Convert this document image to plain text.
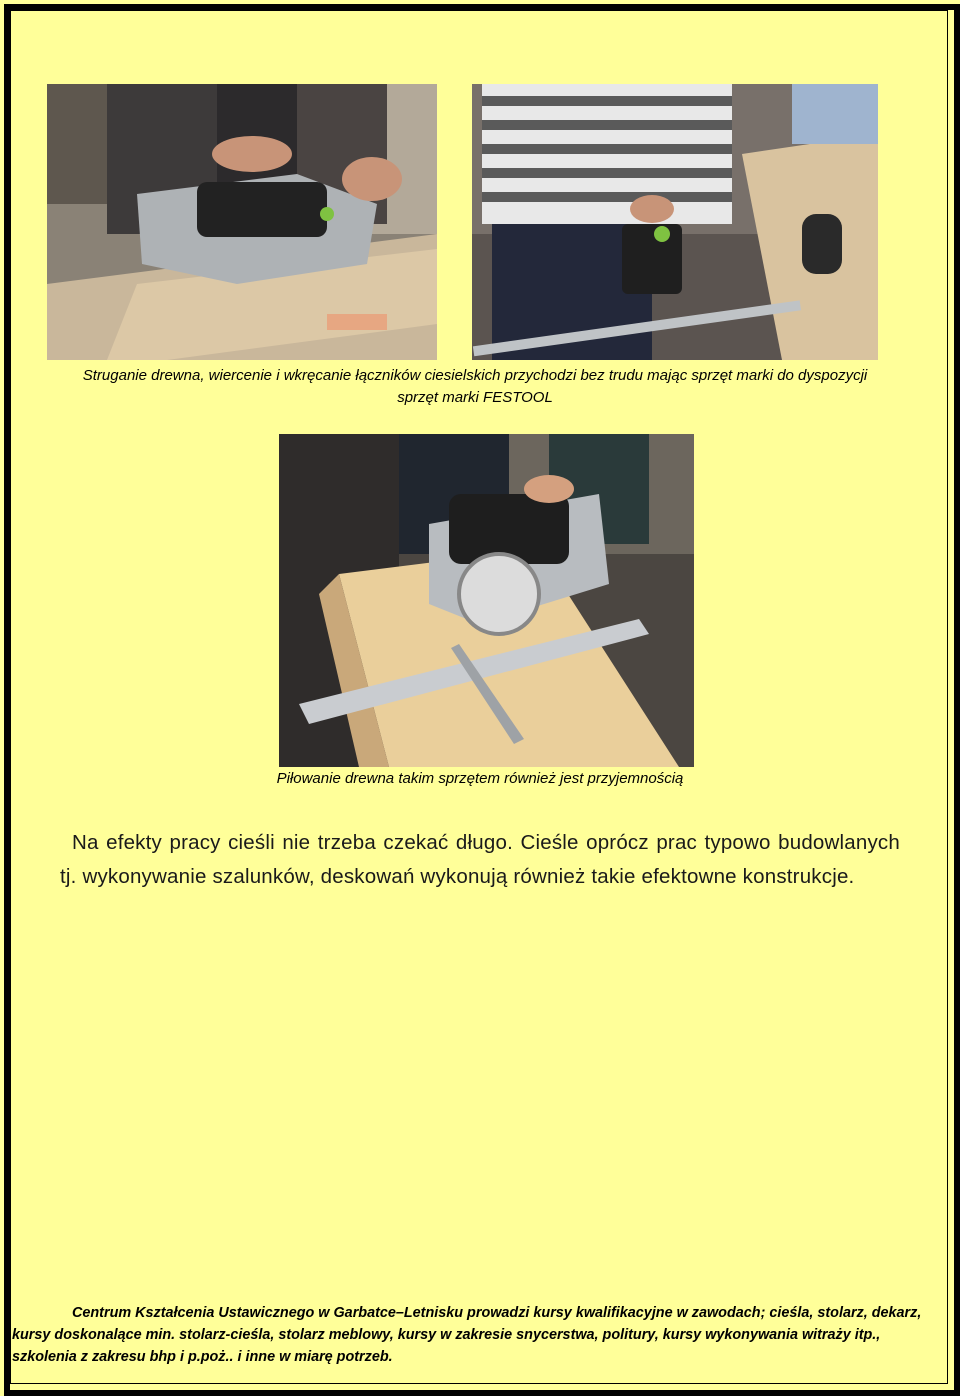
Struganie drewna, wiercenie i wkręcanie łączników ciesielskich przychodzi bez trudu mając sprzęt marki do dyspozycji sprzęt marki FESTOOL

Piłowanie drewna takim sprzętem również jest przyjemnością

Na efekty pracy cieśli nie trzeba czekać długo. Cieśle oprócz prac typowo budowlanych tj. wykonywanie szalunków, deskowań wykonują również takie efektowne konstrukcje.

Centrum Kształcenia Ustawicznego w Garbatce–Letnisku prowadzi kursy kwalifikacyjne w zawodach; cieśla, stolarz, dekarz, kursy doskonalące min. stolarz-cieśla, stolarz meblowy, kursy w zakresie snycerstwa, politury, kursy wykonywania witraży itp., szkolenia z zakresu bhp i p.poż.. i inne w miarę potrzeb.
